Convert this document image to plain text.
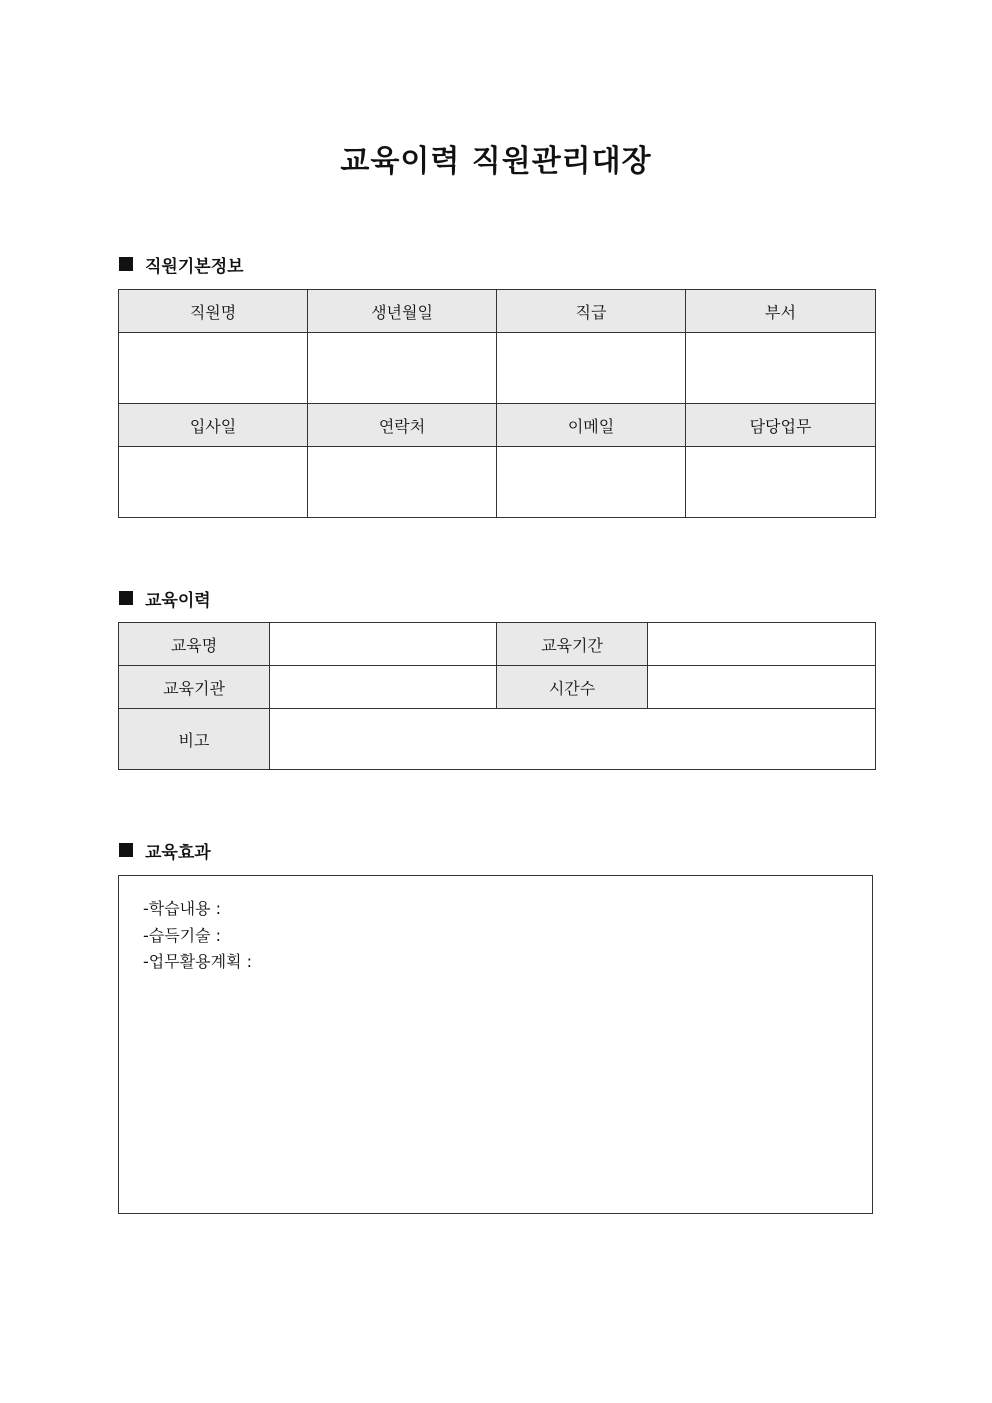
교육이력 직원관리대장
직원기본정보
직원명	생년월일	직급	부서

입사일	연락처	이메일	담당업무

교육이력
교육명		교육기간	
교육기관		시간수	
비고			
교육효과

-학습내용 :

-습득기술 :

-업무활용계획 :
